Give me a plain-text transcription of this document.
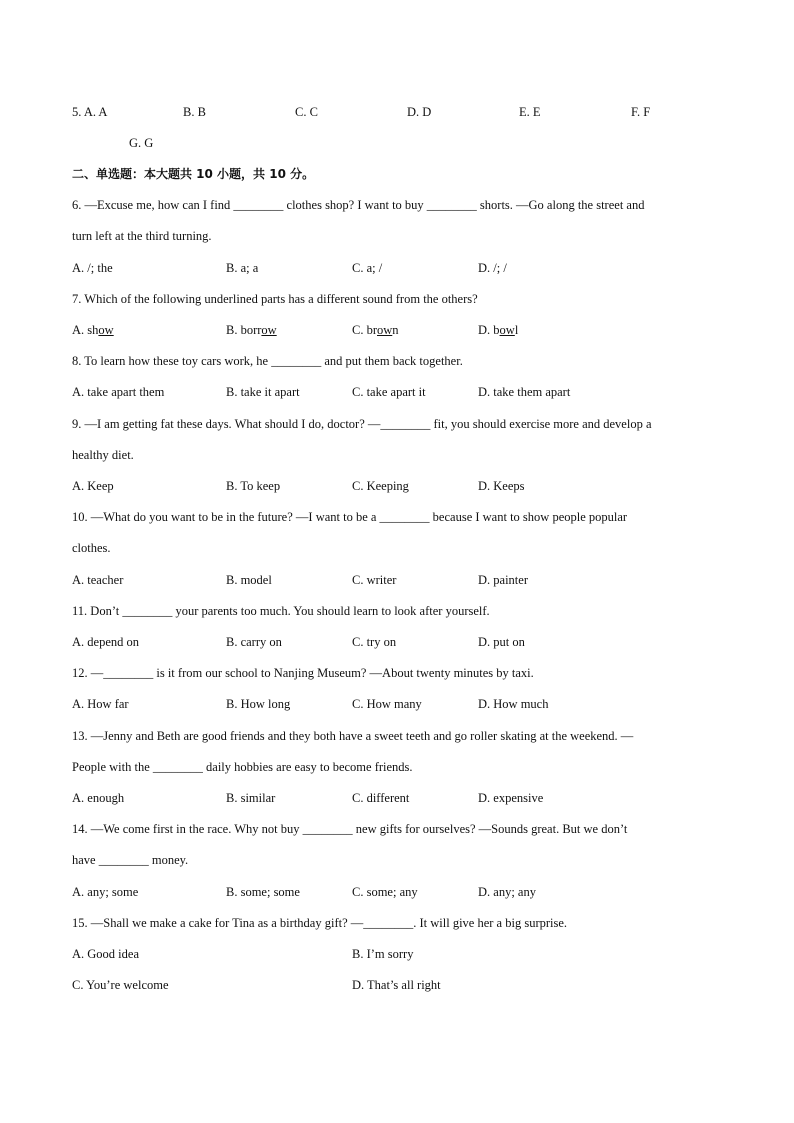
5. A. A	B. B	C. C	D. D	E. E	F. F
G. G
二、单选题：本大题共 10 小题，共 10 分。
6. —Excuse me, how can I find ________ clothes shop? I want to buy ________ shorts. —Go along the street and
turn left at the third turning.
A. /; the	B. a; a	C. a; /	D. /; /
7. Which of the following underlined parts has a different sound from the others?
A. show	B. borrow	C. brown	D. bowl
8. To learn how these toy cars work, he ________ and put them back together.
A. take apart them	B. take it apart	C. take apart it	D. take them apart
9. —I am getting fat these days. What should I do, doctor? —________ fit, you should exercise more and develop a
healthy diet.
A. Keep	B. To keep	C. Keeping	D. Keeps
10. —What do you want to be in the future? —I want to be a ________ because I want to show people popular
clothes.
A. teacher	B. model	C. writer	D. painter
11. Don’t ________ your parents too much. You should learn to look after yourself.
A. depend on	B. carry on	C. try on	D. put on
12. —________ is it from our school to Nanjing Museum? —About twenty minutes by taxi.
A. How far	B. How long	C. How many	D. How much
13. —Jenny and Beth are good friends and they both have a sweet teeth and go roller skating at the weekend. —
People with the ________ daily hobbies are easy to become friends.
A. enough	B. similar	C. different	D. expensive
14. —We come first in the race. Why not buy ________ new gifts for ourselves? —Sounds great. But we don’t
have ________ money.
A. any; some	B. some; some	C. some; any	D. any; any
15. —Shall we make a cake for Tina as a birthday gift? —________. It will give her a big surprise.
A. Good idea	B. I’m sorry
C. You’re welcome	D. That’s all right
